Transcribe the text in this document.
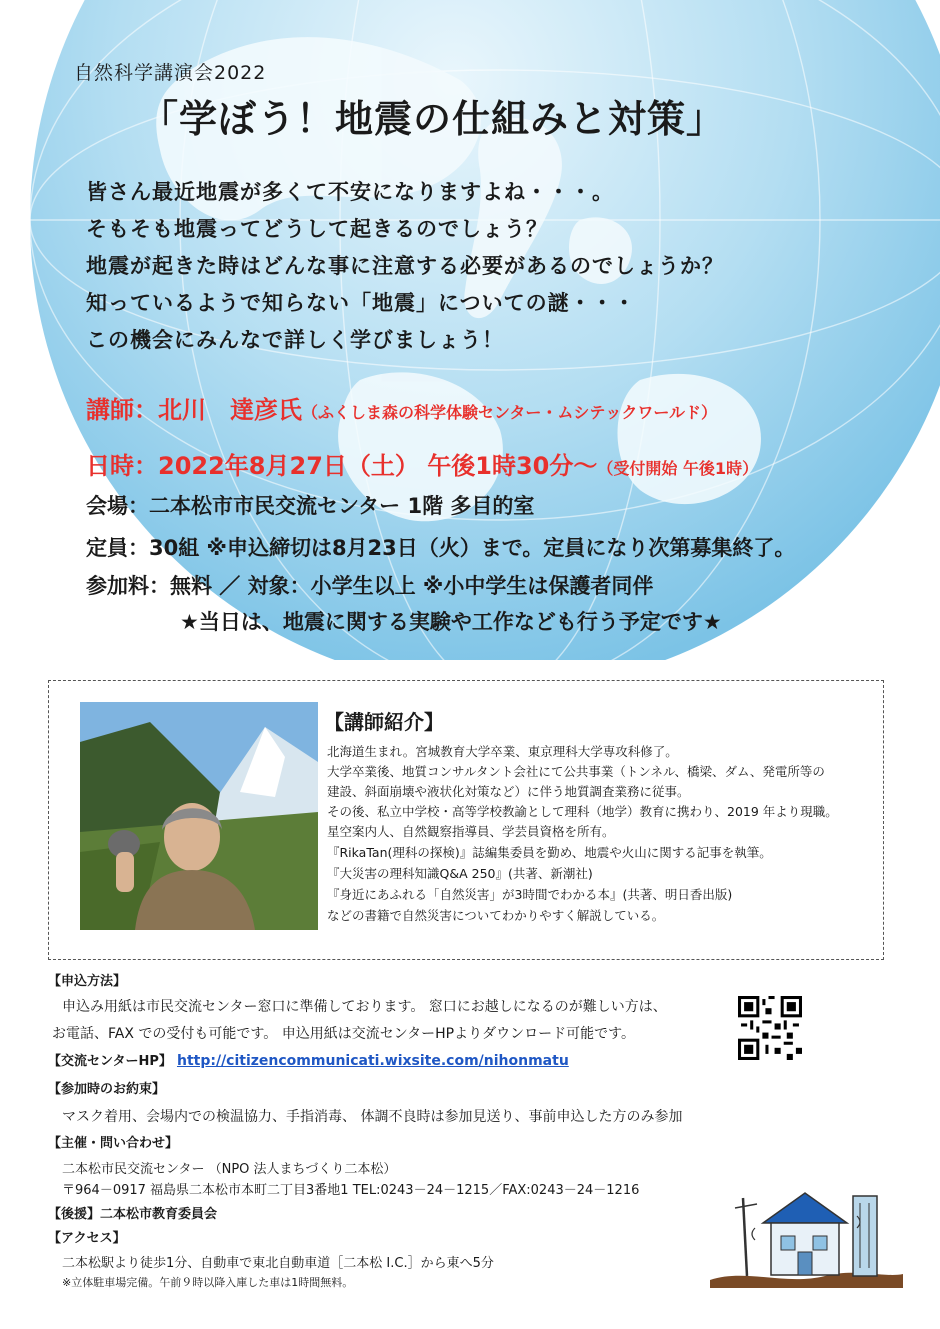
自然科学講演会2022
「学ぼう！地震の仕組みと対策」
皆さん最近地震が多くて不安になりますよね・・・。
そもそも地震ってどうして起きるのでしょう？
地震が起きた時はどんな事に注意する必要があるのでしょうか？
知っているようで知らない「地震」についての謎・・・
この機会にみんなで詳しく学びましょう！
講師：北川　達彦氏（ふくしま森の科学体験センター・ムシテックワールド）
日時：2022年8月27日（土） 午後1時30分～（受付開始 午後1時）
会場：二本松市市民交流センター 1階 多目的室
定員：30組 ※申込締切は8月23日（火）まで。定員になり次第募集終了。
参加料：無料 ／ 対象：小学生以上 ※小中学生は保護者同伴
★当日は、地震に関する実験や工作なども行う予定です★
【講師紹介】
北海道生まれ。宮城教育大学卒業、東京理科大学専攻科修了。
大学卒業後、地質コンサルタント会社にて公共事業（トンネル、橋梁、ダム、発電所等の
建設、斜面崩壊や液状化対策など）に伴う地質調査業務に従事。
その後、私立中学校・高等学校教諭として理科（地学）教育に携わり、2019 年より現職。
星空案内人、自然観察指導員、学芸員資格を所有。
『RikaTan(理科の探検)』誌編集委員を勤め、地震や火山に関する記事を執筆。
『大災害の理科知識Q&A 250』(共著、新潮社)
『身近にあふれる「自然災害」が3時間でわかる本』(共著、明日香出版)
などの書籍で自然災害についてわかりやすく解説している。
【申込方法】
申込み用紙は市民交流センター窓口に準備しております。 窓口にお越しになるのが難しい方は、
お電話、FAX での受付も可能です。 申込用紙は交流センターHPよりダウンロード可能です。
【交流センターHP】 http://citizencommunicati.wixsite.com/nihonmatu
【参加時のお約束】
マスク着用、会場内での検温協力、手指消毒、 体調不良時は参加見送り、事前申込した方のみ参加
【主催・問い合わせ】
二本松市民交流センター （NPO 法人まちづくり二本松）
〒964－0917 福島県二本松市本町二丁目3番地1 TEL:0243－24－1215／FAX:0243－24－1216
【後援】二本松市教育委員会
【アクセス】
二本松駅より徒歩1分、自動車で東北自動車道［二本松 I.C.］から東へ5分
※立体駐車場完備。午前９時以降入庫した車は1時間無料。
